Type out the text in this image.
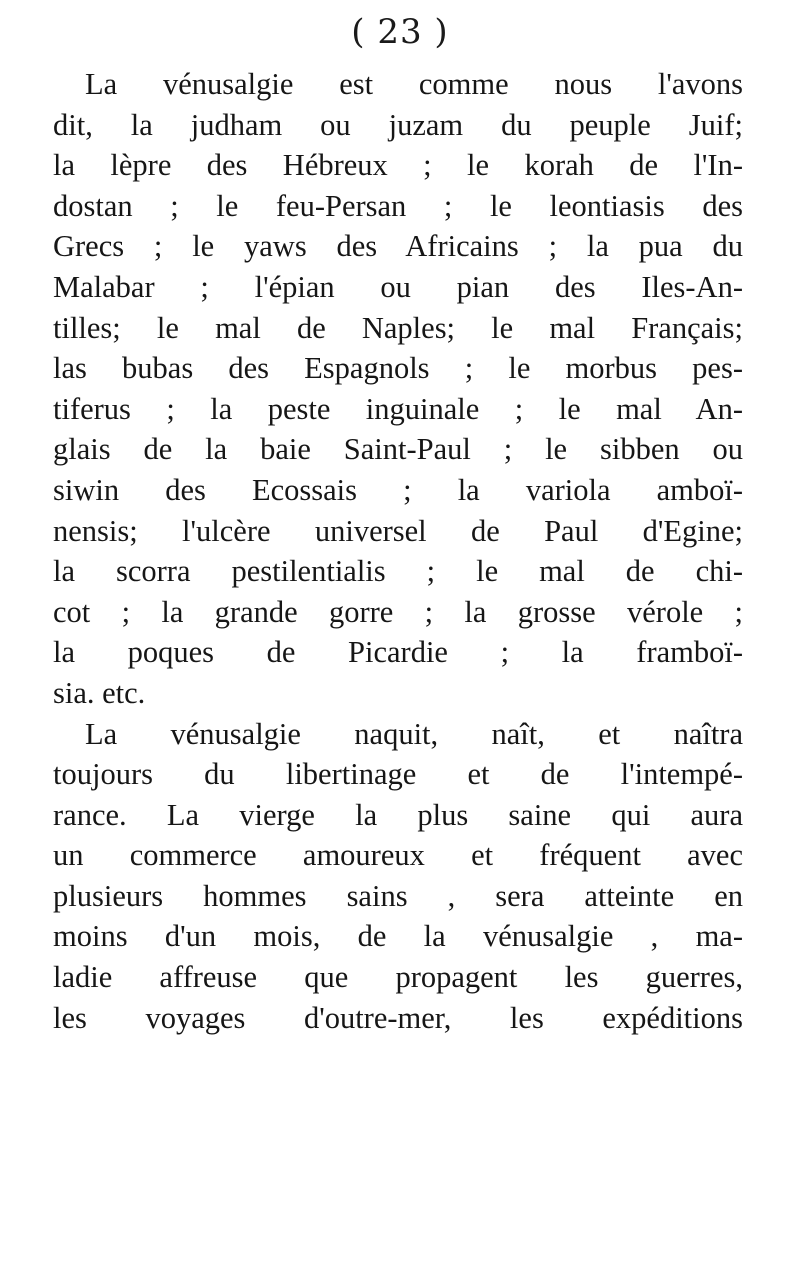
( 23 )
La vénusalgie est comme nous l'avons
dit, la judham ou juzam du peuple Juif;
la lèpre des Hébreux ; le korah de l'In-
dostan ; le feu-Persan ; le leontiasis des
Grecs ; le yaws des Africains ; la pua du
Malabar ; l'épian ou pian des Iles-An-
tilles; le mal de Naples; le mal Français;
las bubas des Espagnols ; le morbus pes-
tiferus ; la peste inguinale ; le mal An-
glais de la baie Saint-Paul ; le sibben ou
siwin des Ecossais ; la variola amboï-
nensis; l'ulcère universel de Paul d'Egine;
la scorra pestilentialis ; le mal de chi-
cot ; la grande gorre ; la grosse vérole ;
la poques de Picardie ; la framboï-
sia. etc.
La vénusalgie naquit, naît, et naîtra
toujours du libertinage et de l'intempé-
rance. La vierge la plus saine qui aura
un commerce amoureux et fréquent avec
plusieurs hommes sains , sera atteinte en
moins d'un mois, de la vénusalgie , ma-
ladie affreuse que propagent les guerres,
les voyages d'outre-mer, les expéditions
